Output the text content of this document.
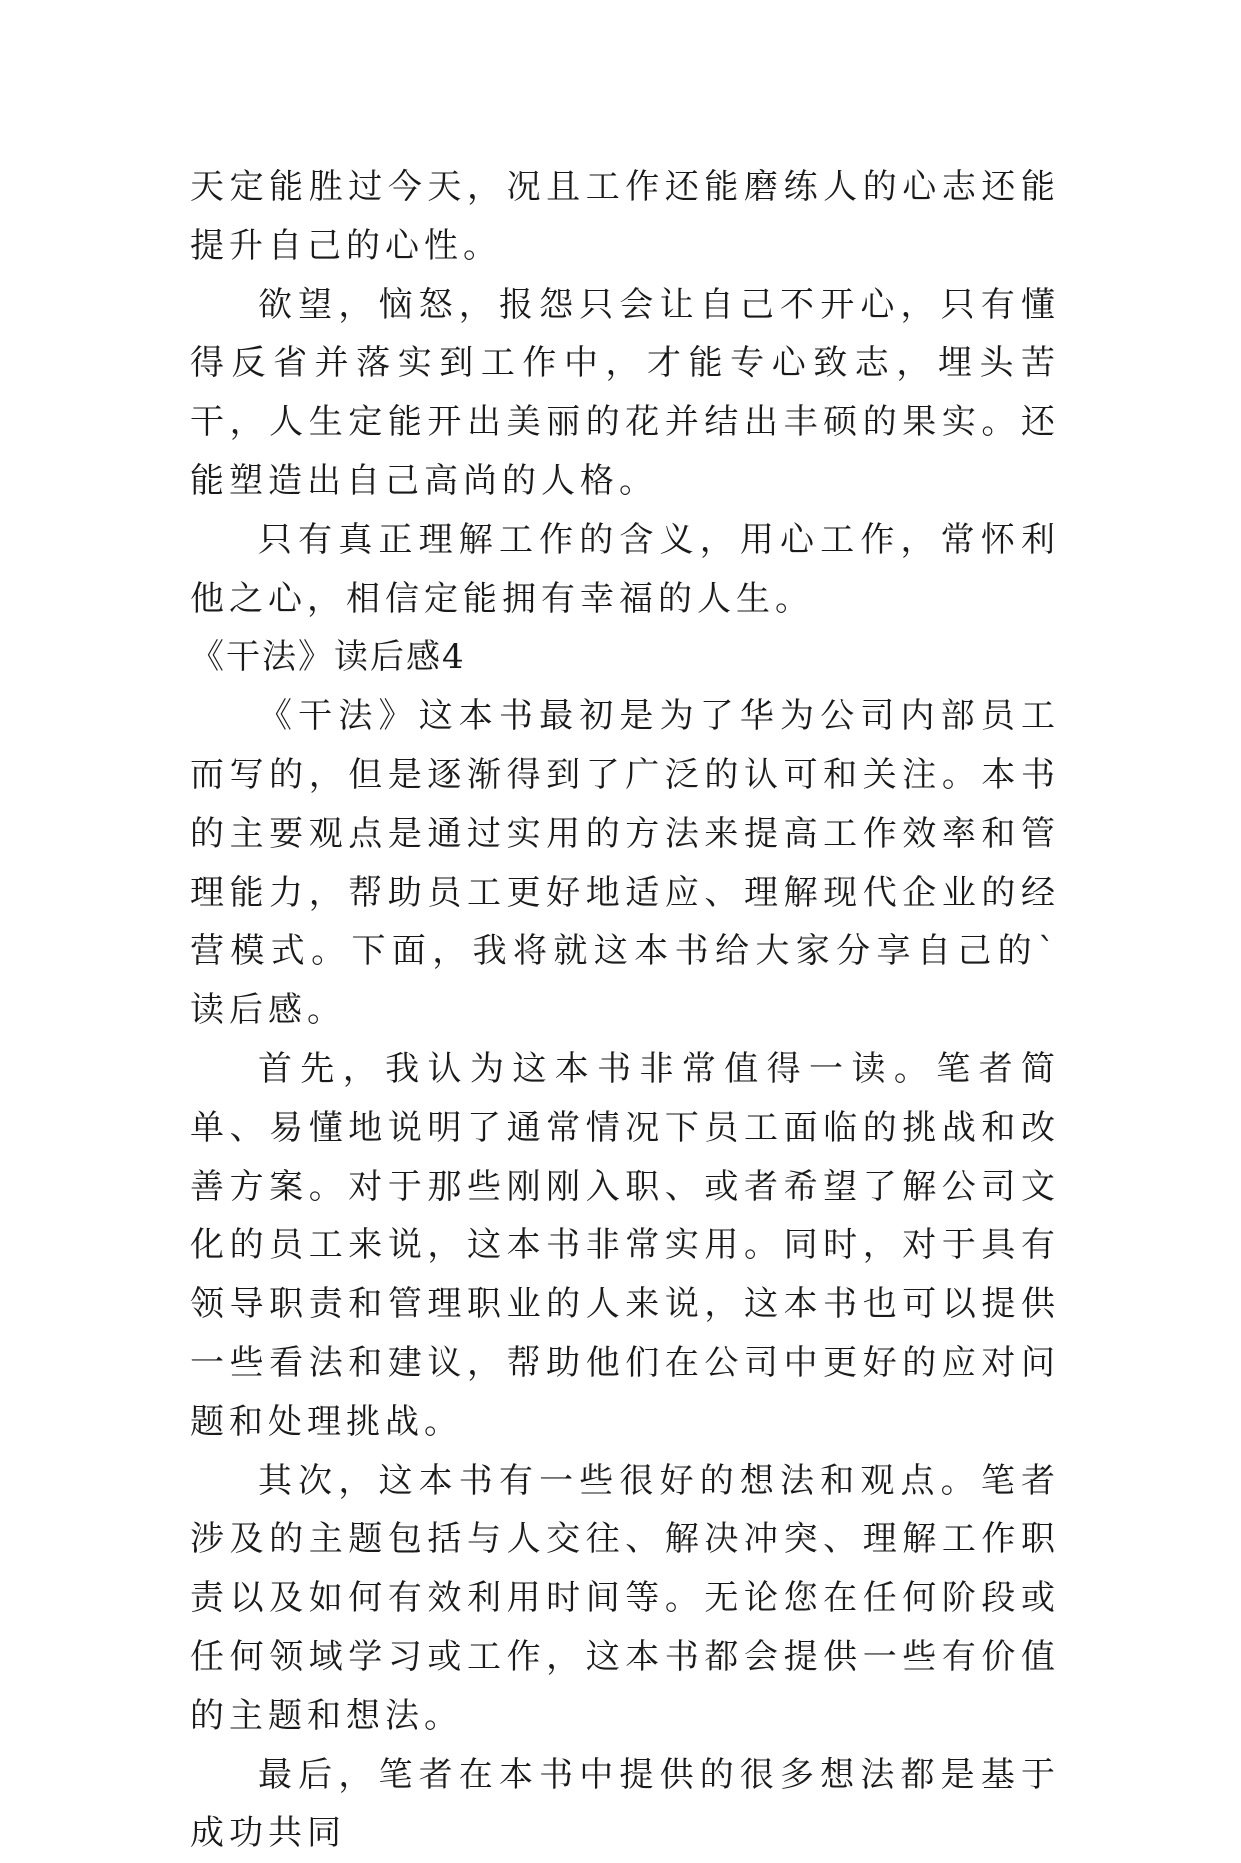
天定能胜过今天，况且工作还能磨练人的心志还能提升自己的心性。

欲望，恼怒，报怨只会让自己不开心，只有懂得反省并落实到工作中，才能专心致志，埋头苦干，人生定能开出美丽的花并结出丰硕的果实。还能塑造出自己高尚的人格。

只有真正理解工作的含义，用心工作，常怀利他之心，相信定能拥有幸福的人生。

《干法》读后感4

《干法》这本书最初是为了华为公司内部员工而写的，但是逐渐得到了广泛的认可和关注。本书的主要观点是通过实用的方法来提高工作效率和管理能力，帮助员工更好地适应、理解现代企业的经营模式。下面，我将就这本书给大家分享自己的`读后感。

首先，我认为这本书非常值得一读。笔者简单、易懂地说明了通常情况下员工面临的挑战和改善方案。对于那些刚刚入职、或者希望了解公司文化的员工来说，这本书非常实用。同时，对于具有领导职责和管理职业的人来说，这本书也可以提供一些看法和建议，帮助他们在公司中更好的应对问题和处理挑战。

其次，这本书有一些很好的想法和观点。笔者涉及的主题包括与人交往、解决冲突、理解工作职责以及如何有效利用时间等。无论您在任何阶段或任何领域学习或工作，这本书都会提供一些有价值的主题和想法。

最后，笔者在本书中提供的很多想法都是基于成功共同
